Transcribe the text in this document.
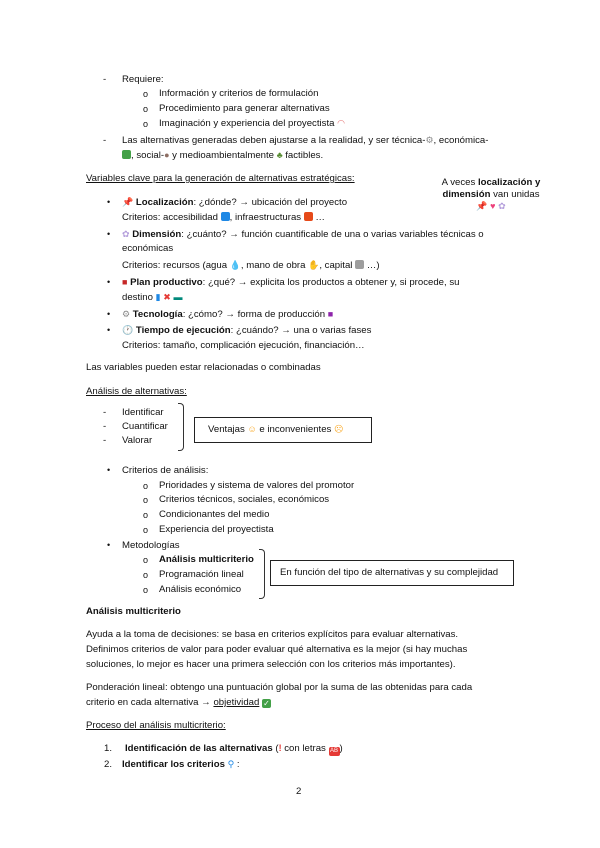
- Requiere:
o Información y criterios de formulación
o Procedimiento para generar alternativas
o Imaginación y experiencia del proyectista ◠
- Las alternativas generadas deben ajustarse a la realidad, y ser técnica-⚙, económica-
, social-● y medioambientalmente ♣ factibles.
Variables clave para la generación de alternativas estratégicas:	A veces localización y
dimensión van unidas
📌 ♥ ✿
• 📌 Localización: ¿dónde? → ubicación del proyecto
Criterios: accesibilidad , infraestructuras  …
• ✿ Dimensión: ¿cuánto? → función cuantificable de una o varias variables técnicas o
económicas
Criterios: recursos (agua 💧, mano de obra ✋, capital  …)
• ■ Plan productivo: ¿qué? → explicita los productos a obtener y, si procede, su
destino ▮ ✖ ▬
• ⚙ Tecnología: ¿cómo? → forma de producción ■
• 🕐 Tiempo de ejecución: ¿cuándo? → una o varias fases
Criterios: tamaño, complicación ejecución, financiación…
Las variables pueden estar relacionadas o combinadas
Análisis de alternativas:
- Identificar
- Cuantificar
- Valorar
Ventajas ☺ e inconvenientes ☹
• Criterios de análisis:
o Prioridades y sistema de valores del promotor
o Criterios técnicos, sociales, económicos
o Condicionantes del medio
o Experiencia del proyectista
• Metodologías
o Análisis multicriterio
o Programación lineal
o Análisis económico
En función del tipo de alternativas y su complejidad
Análisis multicriterio
Ayuda a la toma de decisiones: se basa en criterios explícitos para evaluar alternativas.
Definimos criterios de valor para poder evaluar qué alternativa es la mejor (si hay muchas
soluciones, lo mejor es hacer una primera selección con los criterios más importantes).
Ponderación lineal: obtengo una puntuación global por la suma de las obtenidas para cada
criterio en cada alternativa → objetividad ✓
Proceso del análisis multicriterio:
1. Identificación de las alternativas (! con letras AB )
2. Identificar los criterios ⚲ :
2
